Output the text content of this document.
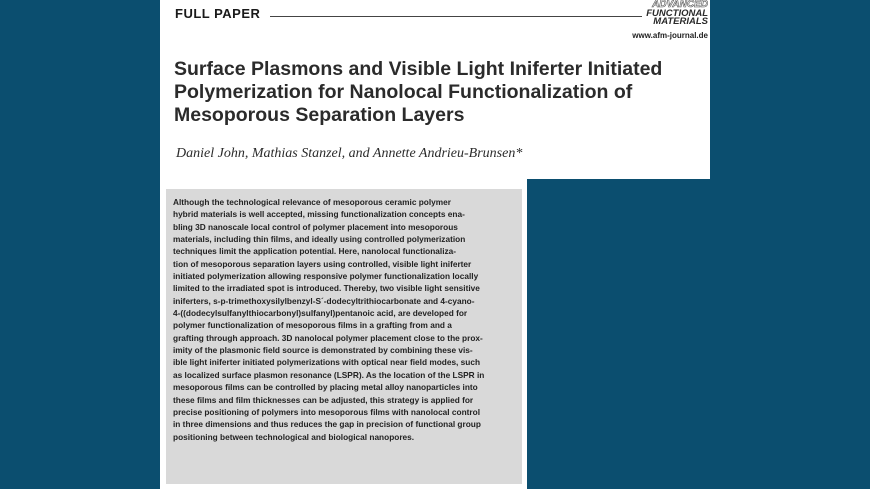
FULL PAPER
ADVANCED
FUNCTIONAL
MATERIALS
www.afm-journal.de
Surface Plasmons and Visible Light Iniferter Initiated
Polymerization for Nanolocal Functionalization of
Mesoporous Separation Layers
Daniel John, Mathias Stanzel, and Annette Andrieu-Brunsen*
Although the technological relevance of mesoporous ceramic polymer
hybrid materials is well accepted, missing functionalization concepts ena-
bling 3D nanoscale local control of polymer placement into mesoporous
materials, including thin films, and ideally using controlled polymerization
techniques limit the application potential. Here, nanolocal functionaliza-
tion of mesoporous separation layers using controlled, visible light iniferter
initiated polymerization allowing responsive polymer functionalization locally
limited to the irradiated spot is introduced. Thereby, two visible light sensitive
iniferters, s-p-trimethoxysilylbenzyl-S´-dodecyltrithiocarbonate and 4-cyano-
4-((dodecylsulfanylthiocarbonyl)sulfanyl)pentanoic acid, are developed for
polymer functionalization of mesoporous films in a grafting from and a
grafting through approach. 3D nanolocal polymer placement close to the prox-
imity of the plasmonic field source is demonstrated by combining these vis-
ible light iniferter initiated polymerizations with optical near field modes, such
as localized surface plasmon resonance (LSPR). As the location of the LSPR in
mesoporous films can be controlled by placing metal alloy nanoparticles into
these films and film thicknesses can be adjusted, this strategy is applied for
precise positioning of polymers into mesoporous films with nanolocal control
in three dimensions and thus reduces the gap in precision of functional group
positioning between technological and biological nanopores.
